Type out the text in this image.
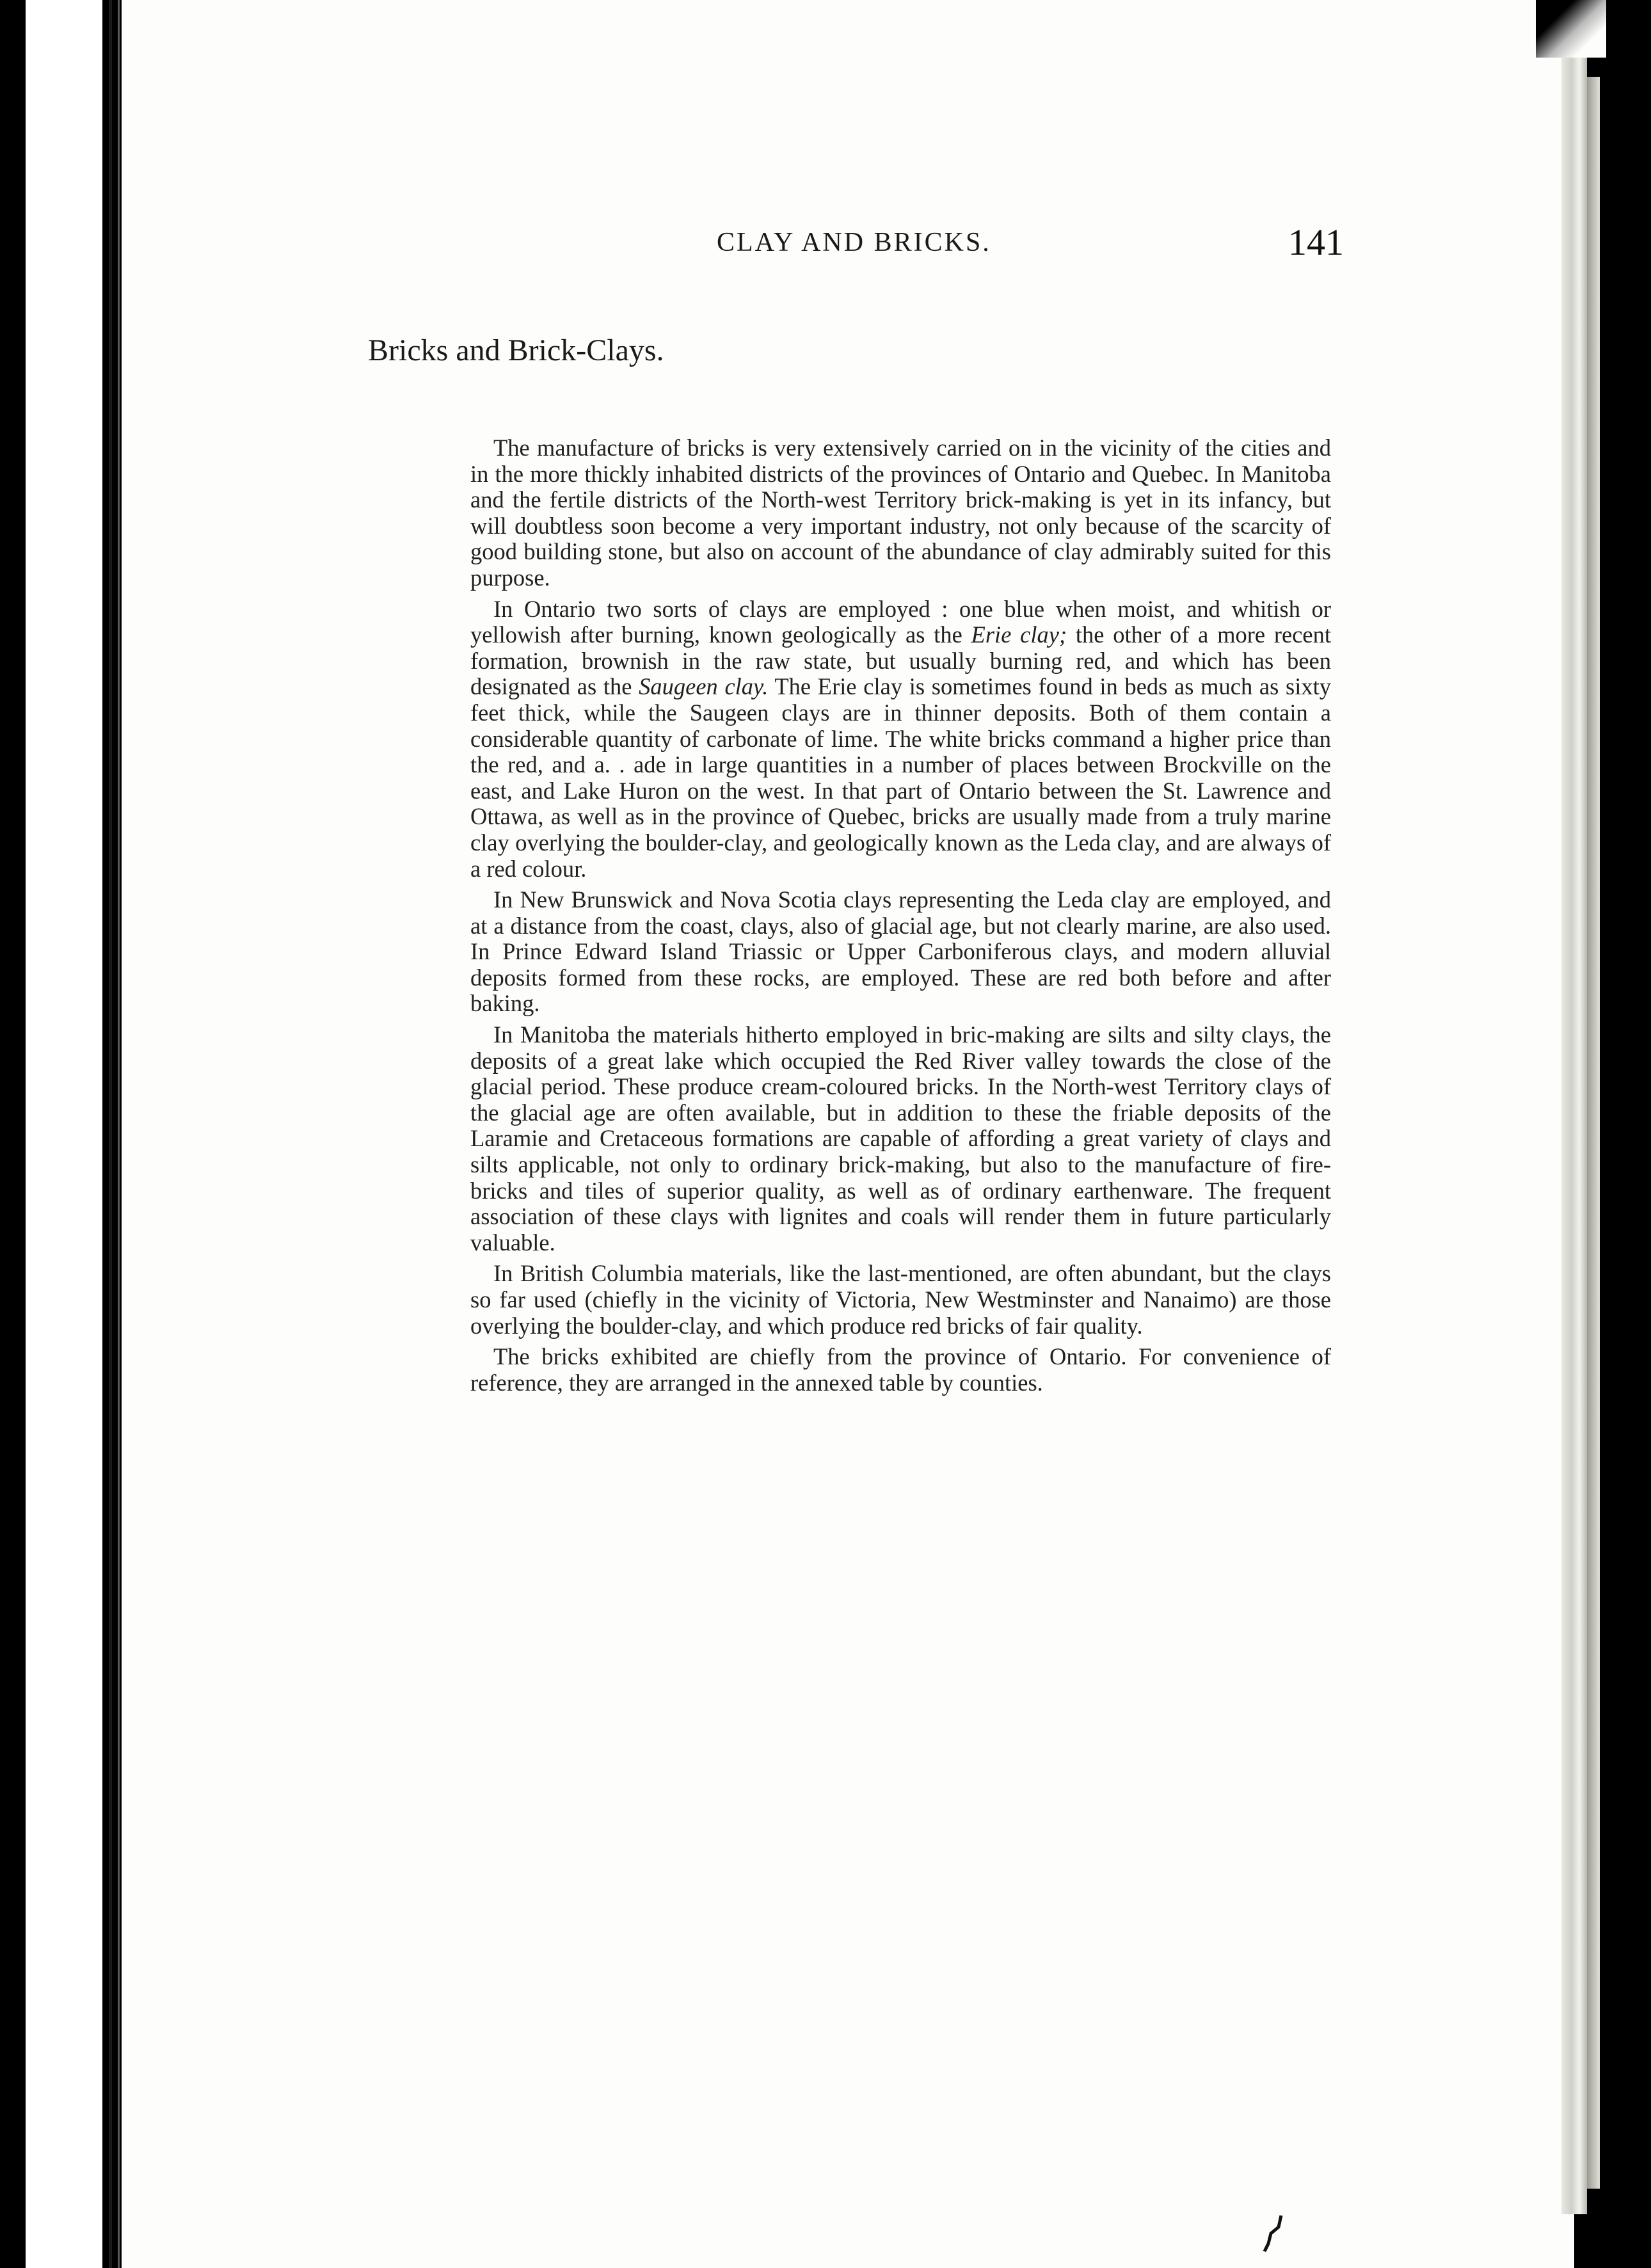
CLAY AND BRICKS.	141
Bricks and Brick-Clays.

The manufacture of bricks is very extensively carried on in the vicinity of the cities and in the more thickly inhabited districts of the provinces of Ontario and Quebec. In Manitoba and the fertile districts of the North-west Territory brick-making is yet in its infancy, but will doubtless soon become a very important industry, not only because of the scarcity of good building stone, but also on account of the abundance of clay admirably suited for this purpose.

In Ontario two sorts of clays are employed : one blue when moist, and whitish or yellowish after burning, known geologically as the Erie clay; the other of a more recent formation, brownish in the raw state, but usually burning red, and which has been designated as the Saugeen clay. The Erie clay is sometimes found in beds as much as sixty feet thick, while the Saugeen clays are in thinner deposits. Both of them contain a considerable quantity of carbonate of lime. The white bricks command a higher price than the red, and a. . ade in large quantities in a number of places between Brockville on the east, and Lake Huron on the west. In that part of Ontario between the St. Lawrence and Ottawa, as well as in the province of Quebec, bricks are usually made from a truly marine clay overlying the boulder-clay, and geologically known as the Leda clay, and are always of a red colour.

In New Brunswick and Nova Scotia clays representing the Leda clay are employed, and at a distance from the coast, clays, also of glacial age, but not clearly marine, are also used. In Prince Edward Island Triassic or Upper Carboniferous clays, and modern alluvial deposits formed from these rocks, are employed. These are red both before and after baking.

In Manitoba the materials hitherto employed in bric-making are silts and silty clays, the deposits of a great lake which occupied the Red River valley towards the close of the glacial period. These produce cream-coloured bricks. In the North-west Territory clays of the glacial age are often available, but in addition to these the friable deposits of the Laramie and Cretaceous formations are capable of affording a great variety of clays and silts applicable, not only to ordinary brick-making, but also to the manufacture of fire-bricks and tiles of superior quality, as well as of ordinary earthenware. The frequent association of these clays with lignites and coals will render them in future particularly valuable.

In British Columbia materials, like the last-mentioned, are often abundant, but the clays so far used (chiefly in the vicinity of Victoria, New Westminster and Nanaimo) are those overlying the boulder-clay, and which produce red bricks of fair quality.

The bricks exhibited are chiefly from the province of Ontario. For convenience of reference, they are arranged in the annexed table by counties.
